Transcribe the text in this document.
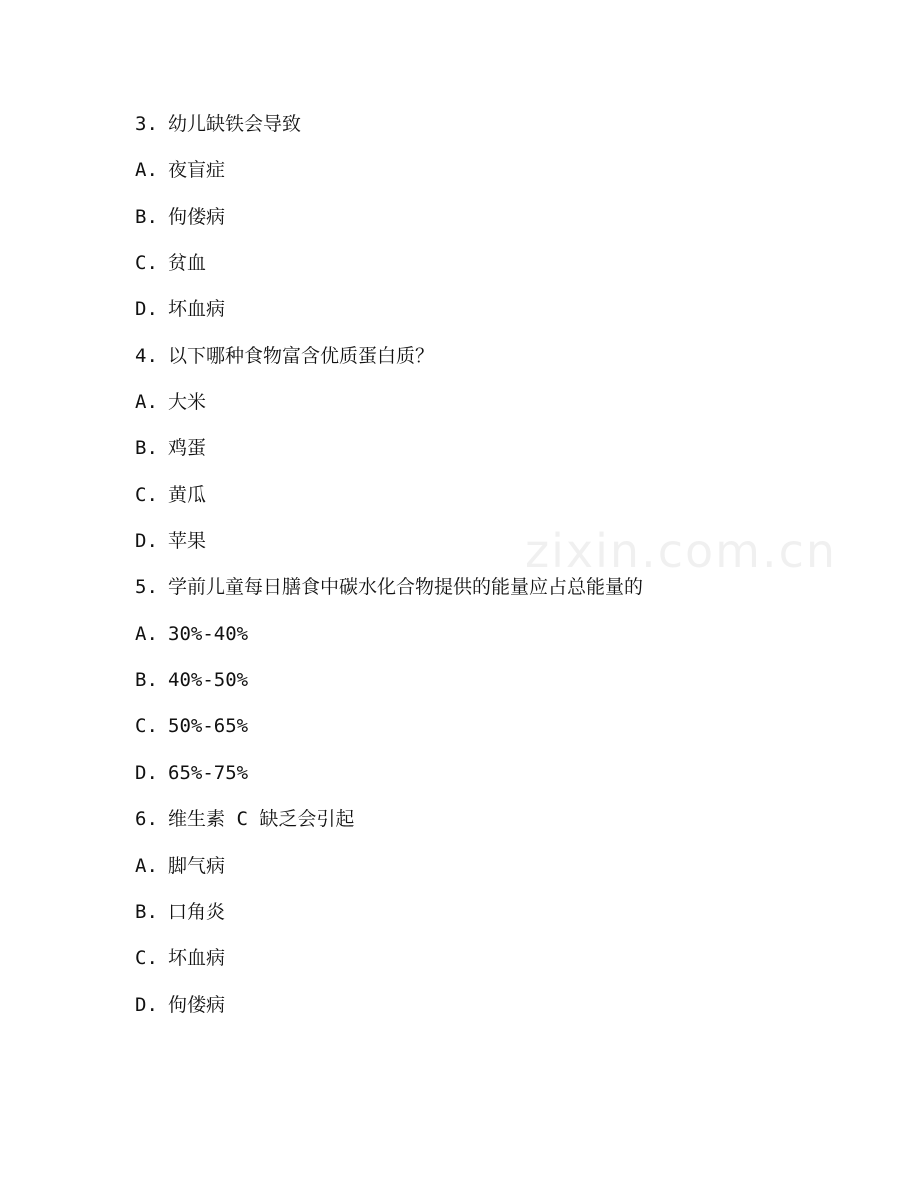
zixin.com.cn
3. 幼儿缺铁会导致
A. 夜盲症
B. 佝偻病
C. 贫血
D. 坏血病
4. 以下哪种食物富含优质蛋白质？
A. 大米
B. 鸡蛋
C. 黄瓜
D. 苹果
5. 学前儿童每日膳食中碳水化合物提供的能量应占总能量的
A. 30%-40%
B. 40%-50%
C. 50%-65%
D. 65%-75%
6. 维生素 C 缺乏会引起
A. 脚气病
B. 口角炎
C. 坏血病
D. 佝偻病
